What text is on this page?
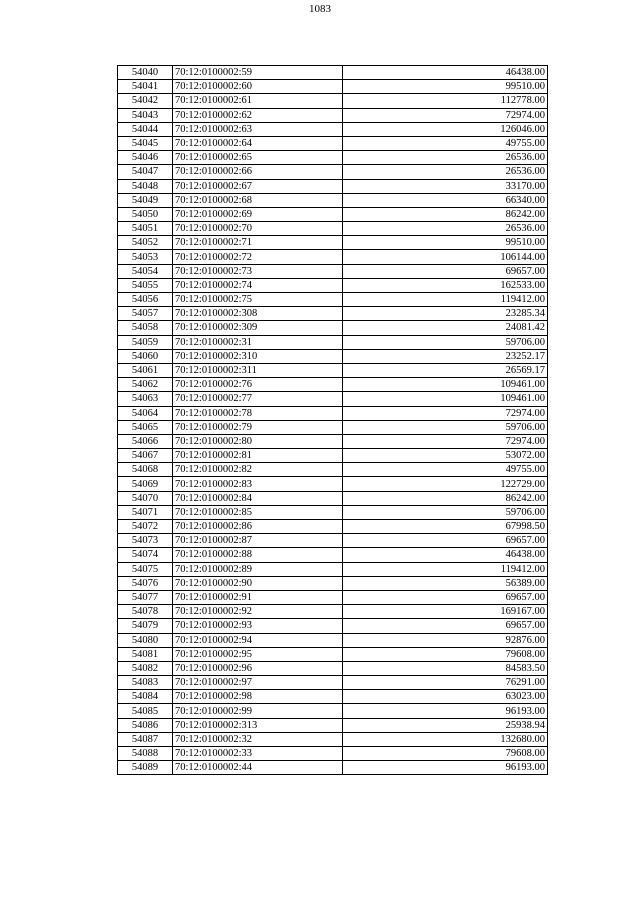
1083
54040	70:12:0100002:59	46438.00
54041	70:12:0100002:60	99510.00
54042	70:12:0100002:61	112778.00
54043	70:12:0100002:62	72974.00
54044	70:12:0100002:63	126046.00
54045	70:12:0100002:64	49755.00
54046	70:12:0100002:65	26536.00
54047	70:12:0100002:66	26536.00
54048	70:12:0100002:67	33170.00
54049	70:12:0100002:68	66340.00
54050	70:12:0100002:69	86242.00
54051	70:12:0100002:70	26536.00
54052	70:12:0100002:71	99510.00
54053	70:12:0100002:72	106144.00
54054	70:12:0100002:73	69657.00
54055	70:12:0100002:74	162533.00
54056	70:12:0100002:75	119412.00
54057	70:12:0100002:308	23285.34
54058	70:12:0100002:309	24081.42
54059	70:12:0100002:31	59706.00
54060	70:12:0100002:310	23252.17
54061	70:12:0100002:311	26569.17
54062	70:12:0100002:76	109461.00
54063	70:12:0100002:77	109461.00
54064	70:12:0100002:78	72974.00
54065	70:12:0100002:79	59706.00
54066	70:12:0100002:80	72974.00
54067	70:12:0100002:81	53072.00
54068	70:12:0100002:82	49755.00
54069	70:12:0100002:83	122729.00
54070	70:12:0100002:84	86242.00
54071	70:12:0100002:85	59706.00
54072	70:12:0100002:86	67998.50
54073	70:12:0100002:87	69657.00
54074	70:12:0100002:88	46438.00
54075	70:12:0100002:89	119412.00
54076	70:12:0100002:90	56389.00
54077	70:12:0100002:91	69657.00
54078	70:12:0100002:92	169167.00
54079	70:12:0100002:93	69657.00
54080	70:12:0100002:94	92876.00
54081	70:12:0100002:95	79608.00
54082	70:12:0100002:96	84583.50
54083	70:12:0100002:97	76291.00
54084	70:12:0100002:98	63023.00
54085	70:12:0100002:99	96193.00
54086	70:12:0100002:313	25938.94
54087	70:12:0100002:32	132680.00
54088	70:12:0100002:33	79608.00
54089	70:12:0100002:44	96193.00
